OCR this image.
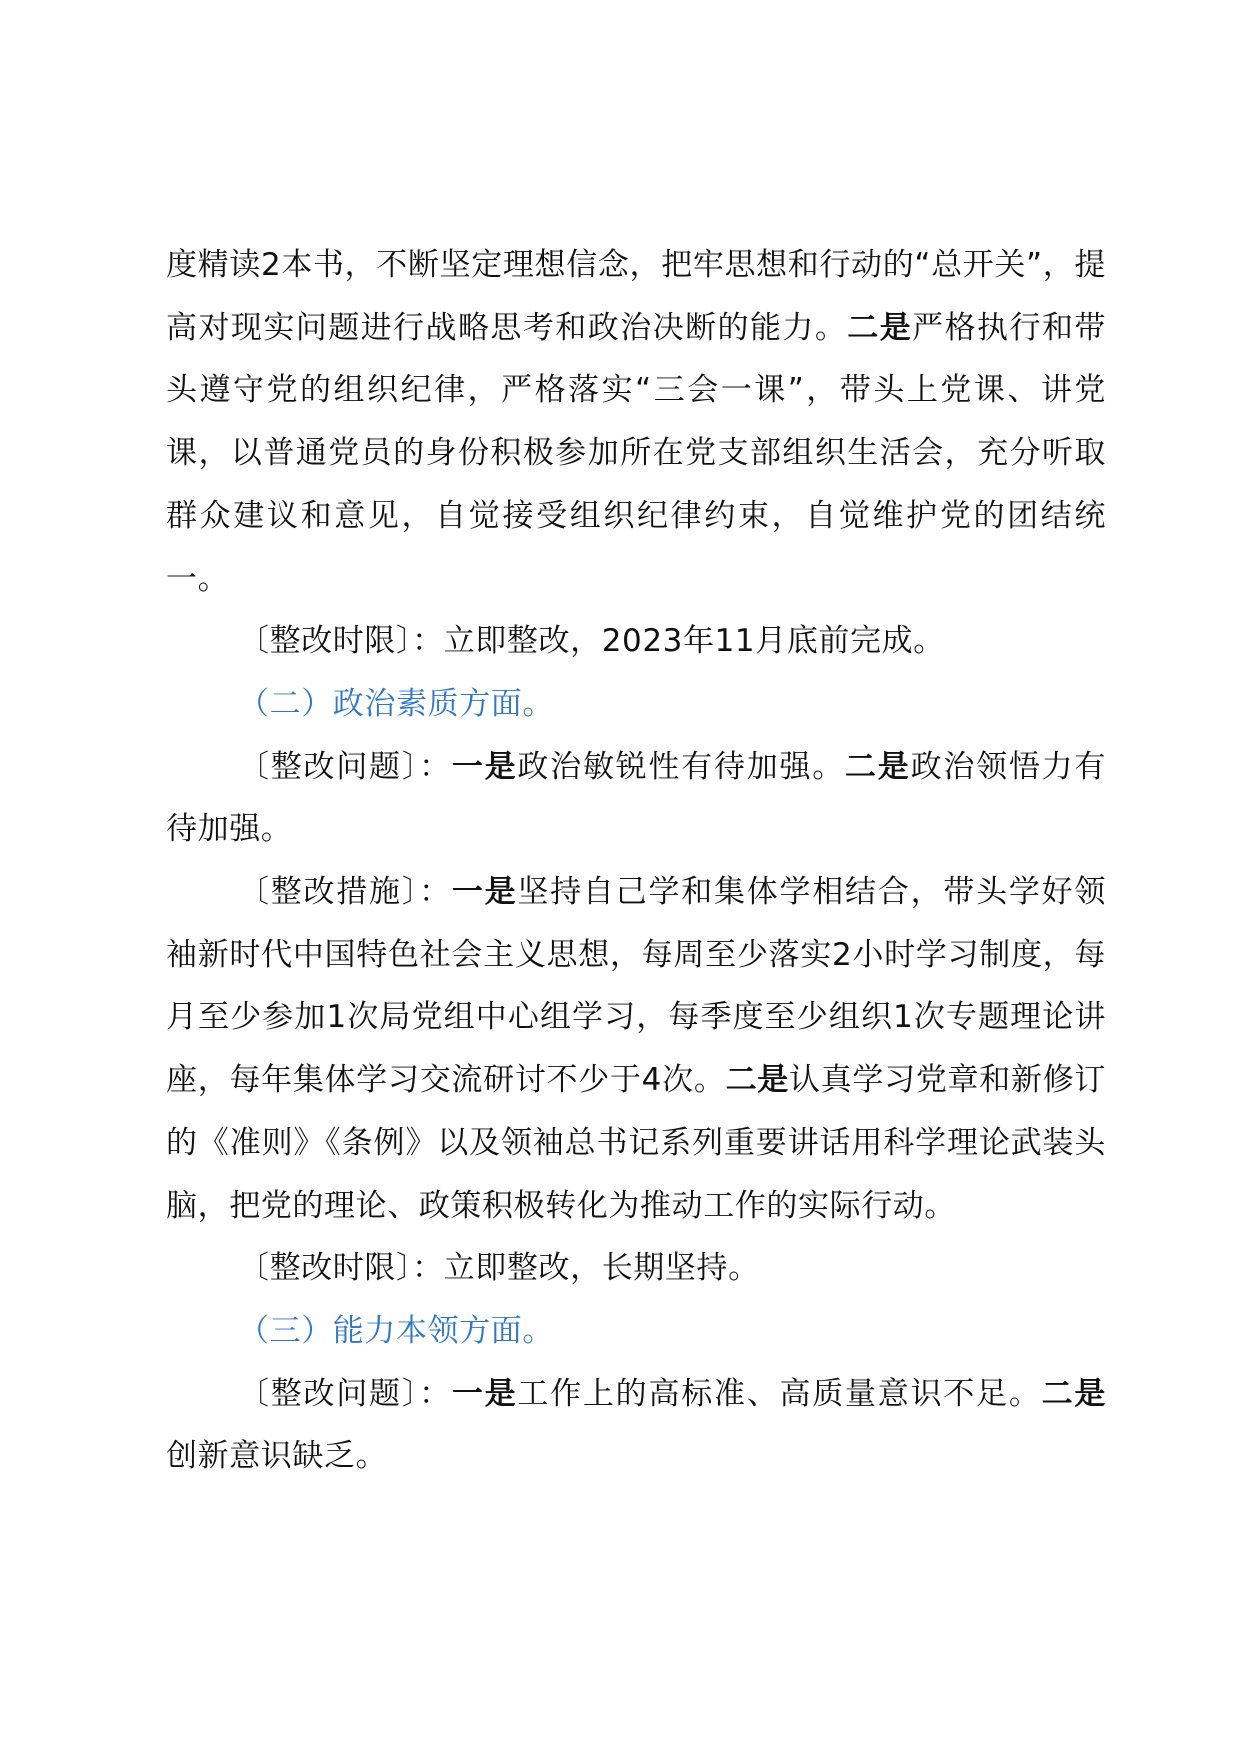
度精读2本书，不断坚定理想信念，把牢思想和行动的“总开关”，提高对现实问题进行战略思考和政治决断的能力。二是严格执行和带头遵守党的组织纪律，严格落实“三会一课”，带头上党课、讲党课，以普通党员的身份积极参加所在党支部组织生活会，充分听取群众建议和意见，自觉接受组织纪律约束，自觉维护党的团结统一。

〔整改时限〕：立即整改，2023年11月底前完成。

（二）政治素质方面。

〔整改问题〕：一是政治敏锐性有待加强。二是政治领悟力有待加强。

〔整改措施〕：一是坚持自己学和集体学相结合，带头学好领袖新时代中国特色社会主义思想，每周至少落实2小时学习制度，每月至少参加1次局党组中心组学习，每季度至少组织1次专题理论讲座，每年集体学习交流研讨不少于4次。二是认真学习党章和新修订的《准则》《条例》以及领袖总书记系列重要讲话用科学理论武装头脑，把党的理论、政策积极转化为推动工作的实际行动。

〔整改时限〕：立即整改，长期坚持。

（三）能力本领方面。

〔整改问题〕：一是工作上的高标准、高质量意识不足。二是创新意识缺乏。
